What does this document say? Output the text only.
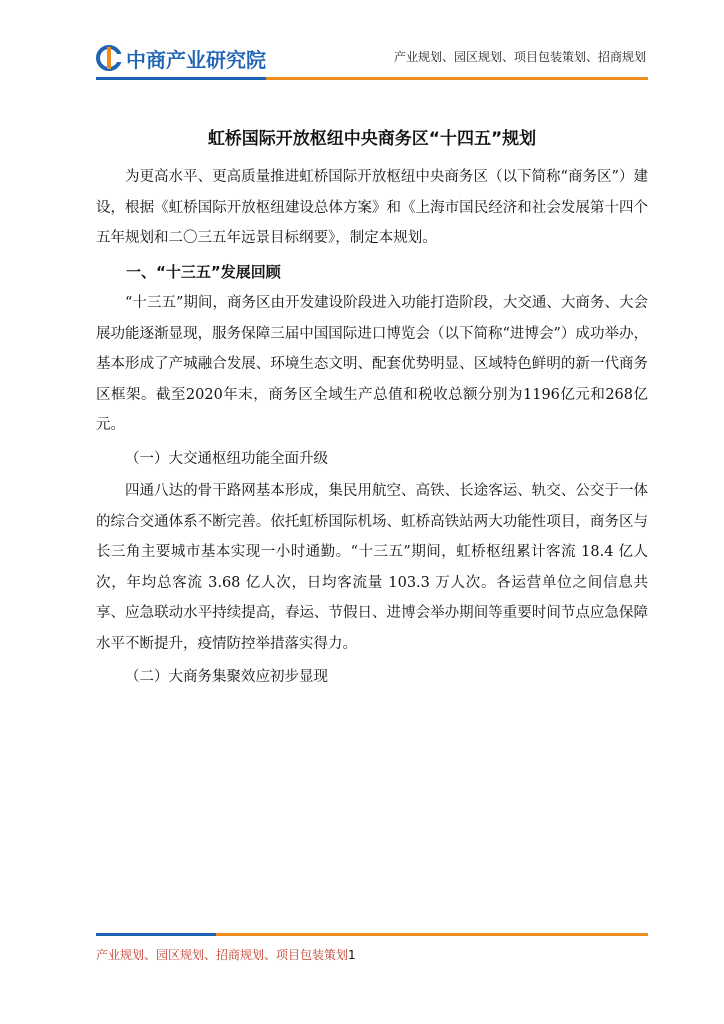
中商产业研究院	产业规划、园区规划、项目包装策划、招商规划
虹桥国际开放枢纽中央商务区“十四五”规划

为更高水平、更高质量推进虹桥国际开放枢纽中央商务区（以下简称“商务区”）建设，根据《虹桥国际开放枢纽建设总体方案》和《上海市国民经济和社会发展第十四个五年规划和二〇三五年远景目标纲要》，制定本规划。

一、“十三五”发展回顾

“十三五”期间，商务区由开发建设阶段进入功能打造阶段，大交通、大商务、大会展功能逐渐显现，服务保障三届中国国际进口博览会（以下简称“进博会”）成功举办，基本形成了产城融合发展、环境生态文明、配套优势明显、区域特色鲜明的新一代商务区框架。截至2020年末，商务区全域生产总值和税收总额分别为1196亿元和268亿元。

（一）大交通枢纽功能全面升级

四通八达的骨干路网基本形成，集民用航空、高铁、长途客运、轨交、公交于一体的综合交通体系不断完善。依托虹桥国际机场、虹桥高铁站两大功能性项目，商务区与长三角主要城市基本实现一小时通勤。“十三五”期间，虹桥枢纽累计客流 18.4 亿人次，年均总客流 3.68 亿人次，日均客流量 103.3 万人次。各运营单位之间信息共享、应急联动水平持续提高，春运、节假日、进博会举办期间等重要时间节点应急保障水平不断提升，疫情防控举措落实得力。

（二）大商务集聚效应初步显现
产业规划、园区规划、招商规划、项目包装策划1
